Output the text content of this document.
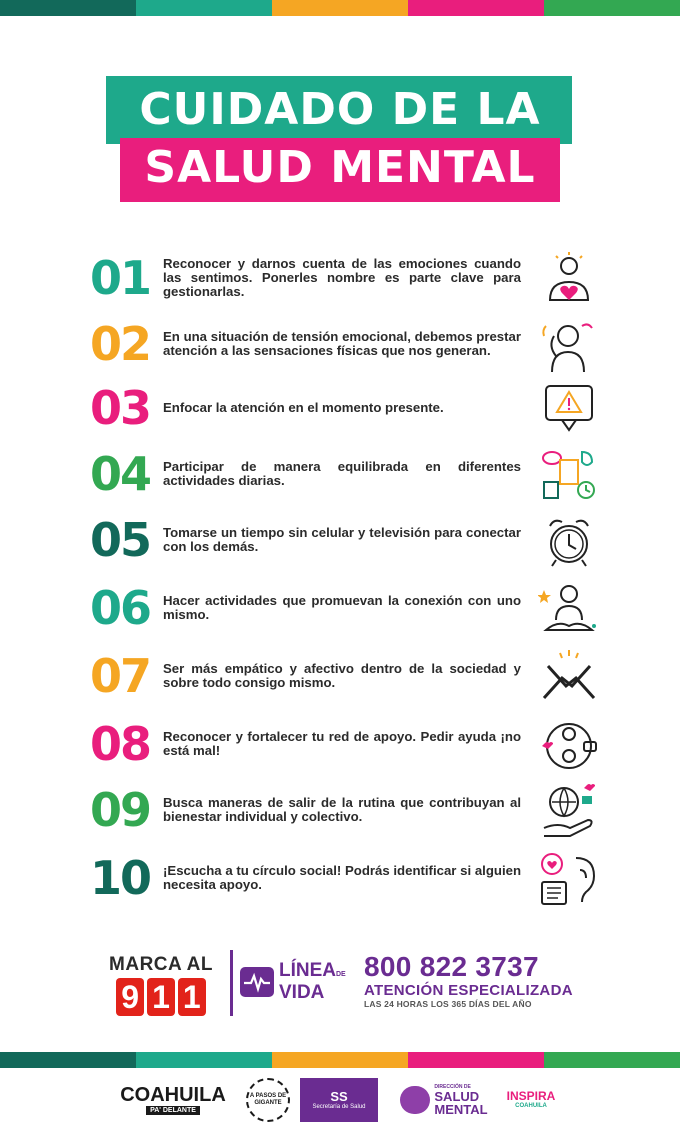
CUIDADO DE LA
SALUD MENTAL
01 Reconocer y darnos cuenta de las emociones cuando las sentimos. Ponerles nombre es parte clave para gestionarlas.
02 En una situación de tensión emocional, debemos prestar atención a las sensaciones físicas que nos generan.
03 Enfocar la atención en el momento presente.
04 Participar de manera equilibrada en diferentes actividades diarias.
05 Tomarse un tiempo sin celular y televisión para conectar con los demás.
06 Hacer actividades que promuevan la conexión con uno mismo.
07 Ser más empático y afectivo dentro de la sociedad y sobre todo consigo mismo.
08 Reconocer y fortalecer tu red de apoyo. Pedir ayuda ¡no está mal!
09 Busca maneras de salir de la rutina que contribuyan al bienestar individual y colectivo.
10 ¡Escucha a tu círculo social! Podrás identificar si alguien necesita apoyo.
MARCA AL
9 1 1
LÍNEADE
VIDA
800 822 3737
ATENCIÓN ESPECIALIZADA
LAS 24 HORAS LOS 365 DÍAS DEL AÑO
COAHUILA
PA' DELANTE
A PASOS DE GIGANTE	SS
Secretaría de Salud
DIRECCIÓN DE
SALUD
MENTAL
INSPIRA
COAHUILA
